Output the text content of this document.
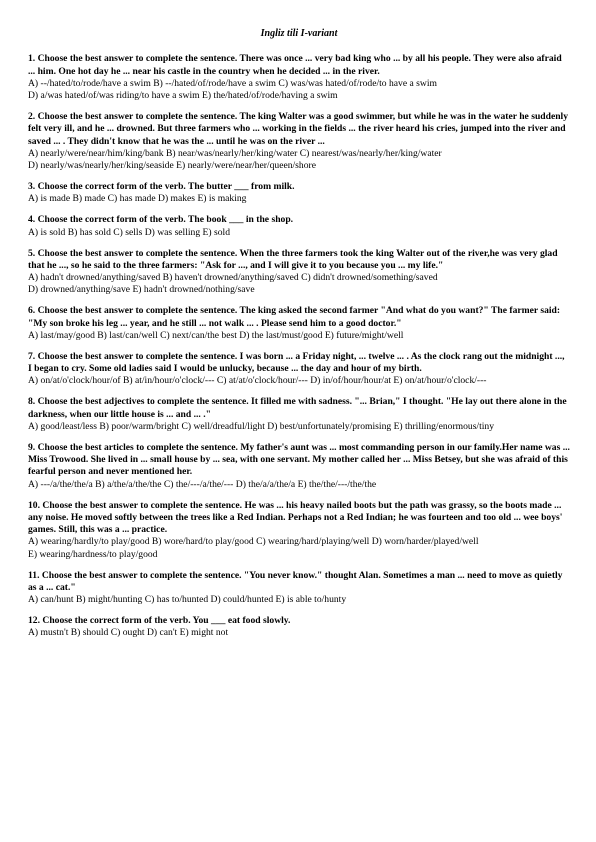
Ingliz tili I-variant

1. Choose the best answer to complete the sentence. There was once ... very bad king who ... by all his people. They were also afraid ... him. One hot day he ... near his castle in the country when he decided ... in the river.

A) --/hated/to/rode/have a swim B) --/hated/of/rode/have a swim C) was/was hated/of/rode/to have a swim

D) a/was hated/of/was riding/to have a swim E) the/hated/of/rode/having a swim

2. Choose the best answer to complete the sentence. The king Walter was a good swimmer, but while he was in the water he suddenly felt very ill, and he ... drowned. But three farmers who ... working in the fields ... the river heard his cries, jumped into the river and saved ... . They didn't know that he was the ... until he was on the river ...

A) nearly/were/near/him/king/bank B) near/was/nearly/her/king/water C) nearest/was/nearly/her/king/water

D) nearly/was/nearly/her/king/seaside E) nearly/were/near/her/queen/shore

3. Choose the correct form of the verb. The butter ___ from milk.

A) is made B) made C) has made D) makes E) is making

4. Choose the correct form of the verb. The book ___ in the shop.

A) is sold B) has sold C) sells D) was selling E) sold

5. Choose the best answer to complete the sentence. When the three farmers took the king Walter out of the river,he was very glad that he ..., so he said to the three farmers: "Ask for ..., and I will give it to you because you ... my life."

A) hadn't drowned/anything/saved B) haven't drowned/anything/saved C) didn't drowned/something/saved

D) drowned/anything/save E) hadn't drowned/nothing/save

6. Choose the best answer to complete the sentence. The king asked the second farmer "And what do you want?" The farmer said: "My son broke his leg ... year, and he still ... not walk ... . Please send him to a good doctor."

A) last/may/good B) last/can/well C) next/can/the best D) the last/must/good E) future/might/well

7. Choose the best answer to complete the sentence. I was born ... a Friday night, ... twelve ... . As the clock rang out the midnight ..., I began to cry. Some old ladies said I would be unlucky, because ... the day and hour of my birth.

A) on/at/o'clock/hour/of B) at/in/hour/o'clock/--- C) at/at/o'clock/hour/--- D) in/of/hour/hour/at E) on/at/hour/o'clock/---

8. Choose the best adjectives to complete the sentence. It filled me with sadness. "... Brian," I thought. "He lay out there alone in the darkness, when our little house is ... and ... ."

A) good/least/less B) poor/warm/bright C) well/dreadful/light D) best/unfortunately/promising E) thrilling/enormous/tiny

9. Choose the best articles to complete the sentence. My father's aunt was ... most commanding person in our family.Her name was ... Miss Trowood. She lived in ... small house by ... sea, with one servant. My mother called her ... Miss Betsey, but she was afraid of this fearful person and never mentioned her.

A) ---/a/the/the/a B) a/the/a/the/the C) the/---/a/the/--- D) the/a/a/the/a E) the/the/---/the/the

10. Choose the best answer to complete the sentence. He was ... his heavy nailed boots but the path was grassy, so the boots made ... any noise. He moved softly between the trees like a Red Indian. Perhaps not a Red Indian; he was fourteen and too old ... wee boys' games. Still, this was a ... practice.

A) wearing/hardly/to play/good B) wore/hard/to play/good C) wearing/hard/playing/well D) worn/harder/played/well

E) wearing/hardness/to play/good

11. Choose the best answer to complete the sentence. "You never know." thought Alan. Sometimes a man ... need to move as quietly as a ... cat."

A) can/hunt B) might/hunting C) has to/hunted D) could/hunted E) is able to/hunty

12. Choose the correct form of the verb. You ___ eat food slowly.

A) mustn't B) should C) ought D) can't E) might not
